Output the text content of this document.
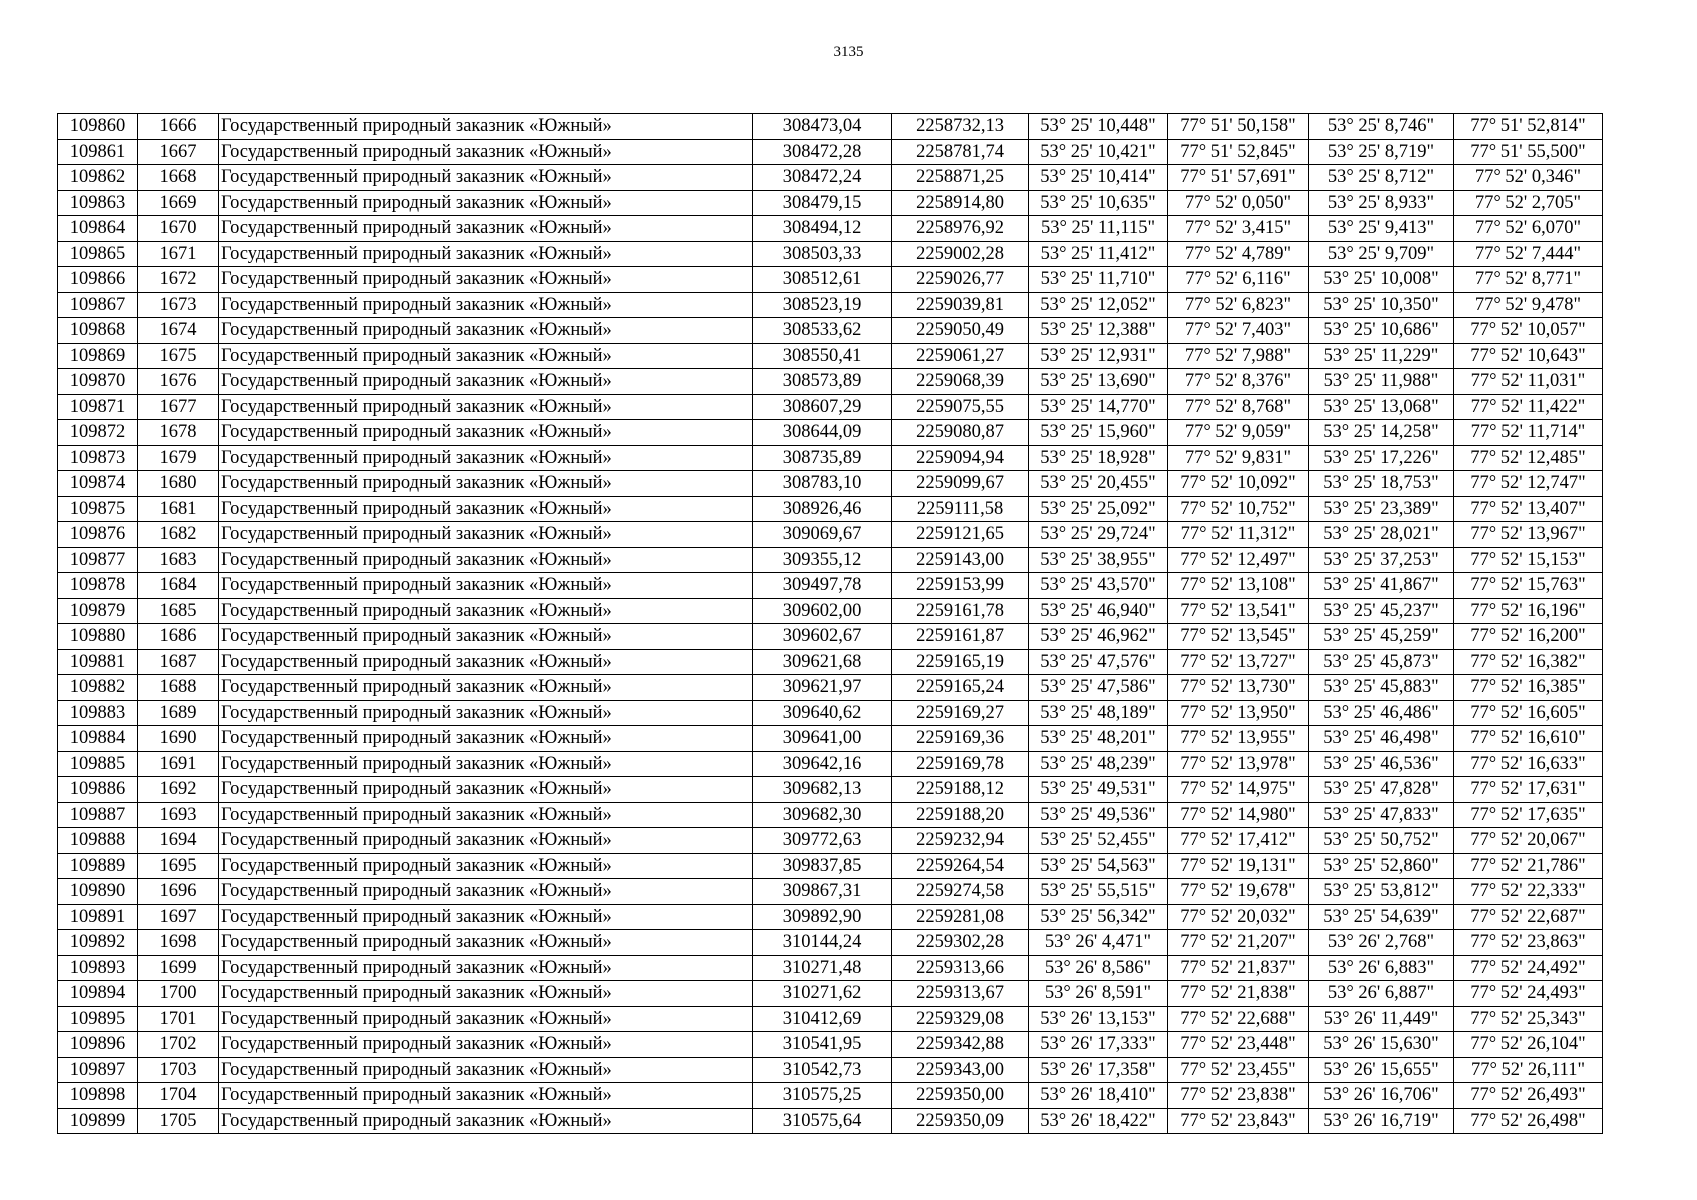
3135
109860	1666	Государственный природный заказник «Южный»	308473,04	2258732,13	53° 25' 10,448"	77° 51' 50,158"	53° 25' 8,746"	77° 51' 52,814"
109861	1667	Государственный природный заказник «Южный»	308472,28	2258781,74	53° 25' 10,421"	77° 51' 52,845"	53° 25' 8,719"	77° 51' 55,500"
109862	1668	Государственный природный заказник «Южный»	308472,24	2258871,25	53° 25' 10,414"	77° 51' 57,691"	53° 25' 8,712"	77° 52' 0,346"
109863	1669	Государственный природный заказник «Южный»	308479,15	2258914,80	53° 25' 10,635"	77° 52' 0,050"	53° 25' 8,933"	77° 52' 2,705"
109864	1670	Государственный природный заказник «Южный»	308494,12	2258976,92	53° 25' 11,115"	77° 52' 3,415"	53° 25' 9,413"	77° 52' 6,070"
109865	1671	Государственный природный заказник «Южный»	308503,33	2259002,28	53° 25' 11,412"	77° 52' 4,789"	53° 25' 9,709"	77° 52' 7,444"
109866	1672	Государственный природный заказник «Южный»	308512,61	2259026,77	53° 25' 11,710"	77° 52' 6,116"	53° 25' 10,008"	77° 52' 8,771"
109867	1673	Государственный природный заказник «Южный»	308523,19	2259039,81	53° 25' 12,052"	77° 52' 6,823"	53° 25' 10,350"	77° 52' 9,478"
109868	1674	Государственный природный заказник «Южный»	308533,62	2259050,49	53° 25' 12,388"	77° 52' 7,403"	53° 25' 10,686"	77° 52' 10,057"
109869	1675	Государственный природный заказник «Южный»	308550,41	2259061,27	53° 25' 12,931"	77° 52' 7,988"	53° 25' 11,229"	77° 52' 10,643"
109870	1676	Государственный природный заказник «Южный»	308573,89	2259068,39	53° 25' 13,690"	77° 52' 8,376"	53° 25' 11,988"	77° 52' 11,031"
109871	1677	Государственный природный заказник «Южный»	308607,29	2259075,55	53° 25' 14,770"	77° 52' 8,768"	53° 25' 13,068"	77° 52' 11,422"
109872	1678	Государственный природный заказник «Южный»	308644,09	2259080,87	53° 25' 15,960"	77° 52' 9,059"	53° 25' 14,258"	77° 52' 11,714"
109873	1679	Государственный природный заказник «Южный»	308735,89	2259094,94	53° 25' 18,928"	77° 52' 9,831"	53° 25' 17,226"	77° 52' 12,485"
109874	1680	Государственный природный заказник «Южный»	308783,10	2259099,67	53° 25' 20,455"	77° 52' 10,092"	53° 25' 18,753"	77° 52' 12,747"
109875	1681	Государственный природный заказник «Южный»	308926,46	2259111,58	53° 25' 25,092"	77° 52' 10,752"	53° 25' 23,389"	77° 52' 13,407"
109876	1682	Государственный природный заказник «Южный»	309069,67	2259121,65	53° 25' 29,724"	77° 52' 11,312"	53° 25' 28,021"	77° 52' 13,967"
109877	1683	Государственный природный заказник «Южный»	309355,12	2259143,00	53° 25' 38,955"	77° 52' 12,497"	53° 25' 37,253"	77° 52' 15,153"
109878	1684	Государственный природный заказник «Южный»	309497,78	2259153,99	53° 25' 43,570"	77° 52' 13,108"	53° 25' 41,867"	77° 52' 15,763"
109879	1685	Государственный природный заказник «Южный»	309602,00	2259161,78	53° 25' 46,940"	77° 52' 13,541"	53° 25' 45,237"	77° 52' 16,196"
109880	1686	Государственный природный заказник «Южный»	309602,67	2259161,87	53° 25' 46,962"	77° 52' 13,545"	53° 25' 45,259"	77° 52' 16,200"
109881	1687	Государственный природный заказник «Южный»	309621,68	2259165,19	53° 25' 47,576"	77° 52' 13,727"	53° 25' 45,873"	77° 52' 16,382"
109882	1688	Государственный природный заказник «Южный»	309621,97	2259165,24	53° 25' 47,586"	77° 52' 13,730"	53° 25' 45,883"	77° 52' 16,385"
109883	1689	Государственный природный заказник «Южный»	309640,62	2259169,27	53° 25' 48,189"	77° 52' 13,950"	53° 25' 46,486"	77° 52' 16,605"
109884	1690	Государственный природный заказник «Южный»	309641,00	2259169,36	53° 25' 48,201"	77° 52' 13,955"	53° 25' 46,498"	77° 52' 16,610"
109885	1691	Государственный природный заказник «Южный»	309642,16	2259169,78	53° 25' 48,239"	77° 52' 13,978"	53° 25' 46,536"	77° 52' 16,633"
109886	1692	Государственный природный заказник «Южный»	309682,13	2259188,12	53° 25' 49,531"	77° 52' 14,975"	53° 25' 47,828"	77° 52' 17,631"
109887	1693	Государственный природный заказник «Южный»	309682,30	2259188,20	53° 25' 49,536"	77° 52' 14,980"	53° 25' 47,833"	77° 52' 17,635"
109888	1694	Государственный природный заказник «Южный»	309772,63	2259232,94	53° 25' 52,455"	77° 52' 17,412"	53° 25' 50,752"	77° 52' 20,067"
109889	1695	Государственный природный заказник «Южный»	309837,85	2259264,54	53° 25' 54,563"	77° 52' 19,131"	53° 25' 52,860"	77° 52' 21,786"
109890	1696	Государственный природный заказник «Южный»	309867,31	2259274,58	53° 25' 55,515"	77° 52' 19,678"	53° 25' 53,812"	77° 52' 22,333"
109891	1697	Государственный природный заказник «Южный»	309892,90	2259281,08	53° 25' 56,342"	77° 52' 20,032"	53° 25' 54,639"	77° 52' 22,687"
109892	1698	Государственный природный заказник «Южный»	310144,24	2259302,28	53° 26' 4,471"	77° 52' 21,207"	53° 26' 2,768"	77° 52' 23,863"
109893	1699	Государственный природный заказник «Южный»	310271,48	2259313,66	53° 26' 8,586"	77° 52' 21,837"	53° 26' 6,883"	77° 52' 24,492"
109894	1700	Государственный природный заказник «Южный»	310271,62	2259313,67	53° 26' 8,591"	77° 52' 21,838"	53° 26' 6,887"	77° 52' 24,493"
109895	1701	Государственный природный заказник «Южный»	310412,69	2259329,08	53° 26' 13,153"	77° 52' 22,688"	53° 26' 11,449"	77° 52' 25,343"
109896	1702	Государственный природный заказник «Южный»	310541,95	2259342,88	53° 26' 17,333"	77° 52' 23,448"	53° 26' 15,630"	77° 52' 26,104"
109897	1703	Государственный природный заказник «Южный»	310542,73	2259343,00	53° 26' 17,358"	77° 52' 23,455"	53° 26' 15,655"	77° 52' 26,111"
109898	1704	Государственный природный заказник «Южный»	310575,25	2259350,00	53° 26' 18,410"	77° 52' 23,838"	53° 26' 16,706"	77° 52' 26,493"
109899	1705	Государственный природный заказник «Южный»	310575,64	2259350,09	53° 26' 18,422"	77° 52' 23,843"	53° 26' 16,719"	77° 52' 26,498"
